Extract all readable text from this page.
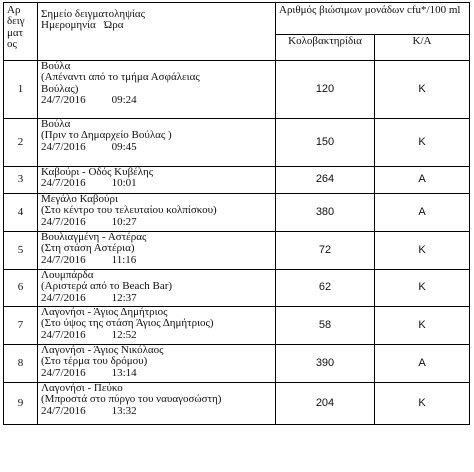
Αρ
δειγ
ματ
ος	Σημείο δειγματοληψίας
Ημερομηνία   Ώρα	Αριθμός βιώσιμων μονάδων cfu*/100 ml	
		Κολοβακτηρίδια	Κ/Α
1	Βούλα
(Απέναντι από το τμήμα Ασφάλειας
Βούλας)
24/7/2016 09:24	120	Κ
2	Βούλα
(Πριν το Δημαρχείο Βούλας )
24/7/2016 09:45	150	Κ
3	Καβούρι - Οδός Κυβέλης
24/7/2016 10:01	264	Α
4	Μεγάλο Καβούρι
(Στο κέντρο του τελευταίου κολπίσκου)
24/7/2016 10:27	380	Α
5	Βουλιαγμένη - Αστέρας
(Στη στάση Αστέρια)
24/7/2016 11:16	72	Κ
6	Λουμπάρδα
(Αριστερά από το Beach Bar)
24/7/2016 12:37	62	Κ
7	Λαγονήσι - Άγιος Δημήτριος
(Στο ύψος της στάση Άγιος Δημήτριος)
24/7/2016 12:52	58	Κ
8	Λαγονήσι - Άγιος Νικόλαος
(Στο τέρμα του δρόμου)
24/7/2016 13:14	390	Α
9	Λαγονήσι - Πεύκο
(Μπροστά στο πύργο του ναυαγοσώστη)
24/7/2016 13:32	204	Κ
